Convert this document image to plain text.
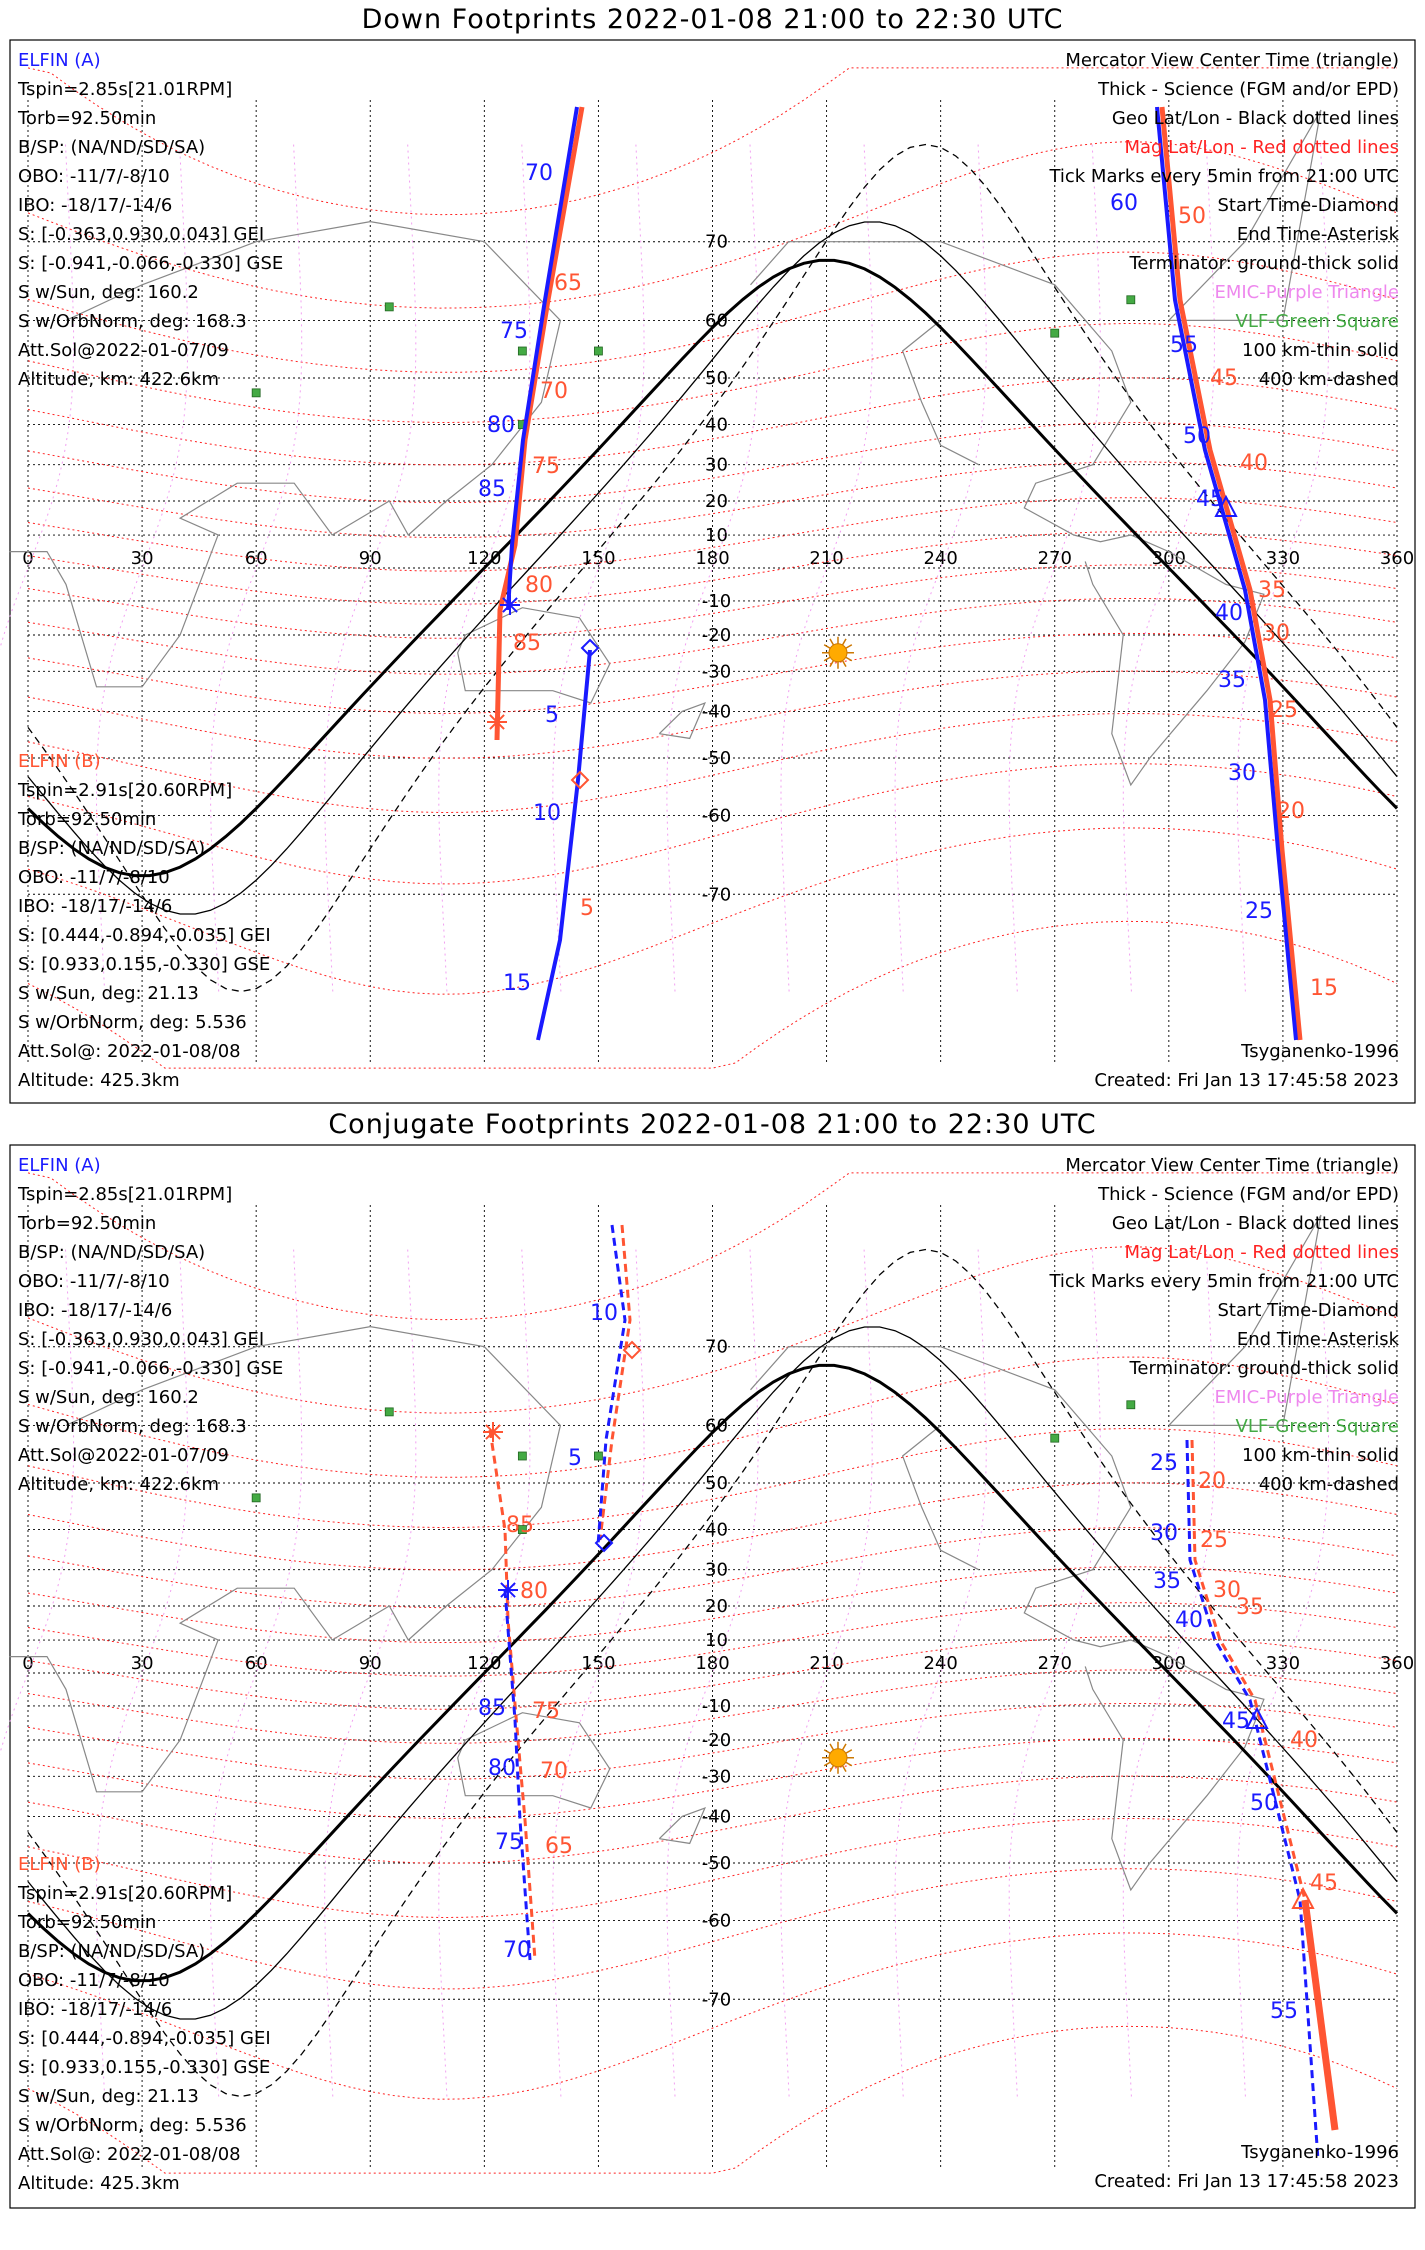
Down Footprints 2022-01-08 21:00 to 22:30 UTC
Conjugate Footprints 2022-01-08 21:00 to 22:30 UTC
0	30	60	90	120	150	180	210	240	270	300	330	360
70
60
50
40
30
20
10
-10
-20
-30
-40
-50
-60
-70
0	30	60	90	120	150	180	210	240	270	300	330	360
70
60
50
40
30
20
10
-10
-20
-30
-40
-50
-60
-70
70
75
80
85
5
10
15
60
55
50
45
40
35
30
25
65
70
75
80
85
5
50
45
40
35
30
25
20
15
10
5
85
80
75
70
25
30
35
40
45
50
55
85
80
75
70
65
20
25
30
35
40
45
ELFIN (A)
Tspin=2.85s[21.01RPM]
Torb=92.50min
B/SP: (NA/ND/SD/SA)
OBO: -11/7/-8/10
IBO: -18/17/-14/6
S: [-0.363,0.930,0.043] GEI
S: [-0.941,-0.066,-0.330] GSE
S w/Sun, deg: 160.2
S w/OrbNorm, deg: 168.3
Att.Sol@2022-01-07/09
Altitude, km: 422.6km
ELFIN (B)
Tspin=2.91s[20.60RPM]
Torb=92.50min
B/SP: (NA/ND/SD/SA)
OBO: -11/7/-8/10
IBO: -18/17/-14/6
S: [0.444,-0.894,-0.035] GEI
S: [0.933,0.155,-0.330] GSE
S w/Sun, deg: 21.13
S w/OrbNorm, deg: 5.536
Att.Sol@: 2022-01-08/08
Altitude: 425.3km
Mercator View Center Time (triangle)
Thick - Science (FGM and/or EPD)
Geo Lat/Lon - Black dotted lines
Mag Lat/Lon - Red dotted lines
Tick Marks every 5min from 21:00 UTC
Start Time-Diamond
End Time-Asterisk
Terminator: ground-thick solid
EMIC-Purple Triangle
VLF-Green Square
100 km-thin solid
400 km-dashed
Tsyganenko-1996
Created: Fri Jan 13 17:45:58 2023
ELFIN (A)
Tspin=2.85s[21.01RPM]
Torb=92.50min
B/SP: (NA/ND/SD/SA)
OBO: -11/7/-8/10
IBO: -18/17/-14/6
S: [-0.363,0.930,0.043] GEI
S: [-0.941,-0.066,-0.330] GSE
S w/Sun, deg: 160.2
S w/OrbNorm, deg: 168.3
Att.Sol@2022-01-07/09
Altitude, km: 422.6km
ELFIN (B)
Tspin=2.91s[20.60RPM]
Torb=92.50min
B/SP: (NA/ND/SD/SA)
OBO: -11/7/-8/10
IBO: -18/17/-14/6
S: [0.444,-0.894,-0.035] GEI
S: [0.933,0.155,-0.330] GSE
S w/Sun, deg: 21.13
S w/OrbNorm, deg: 5.536
Att.Sol@: 2022-01-08/08
Altitude: 425.3km
Mercator View Center Time (triangle)
Thick - Science (FGM and/or EPD)
Geo Lat/Lon - Black dotted lines
Mag Lat/Lon - Red dotted lines
Tick Marks every 5min from 21:00 UTC
Start Time-Diamond
End Time-Asterisk
Terminator: ground-thick solid
EMIC-Purple Triangle
VLF-Green Square
100 km-thin solid
400 km-dashed
Tsyganenko-1996
Created: Fri Jan 13 17:45:58 2023
